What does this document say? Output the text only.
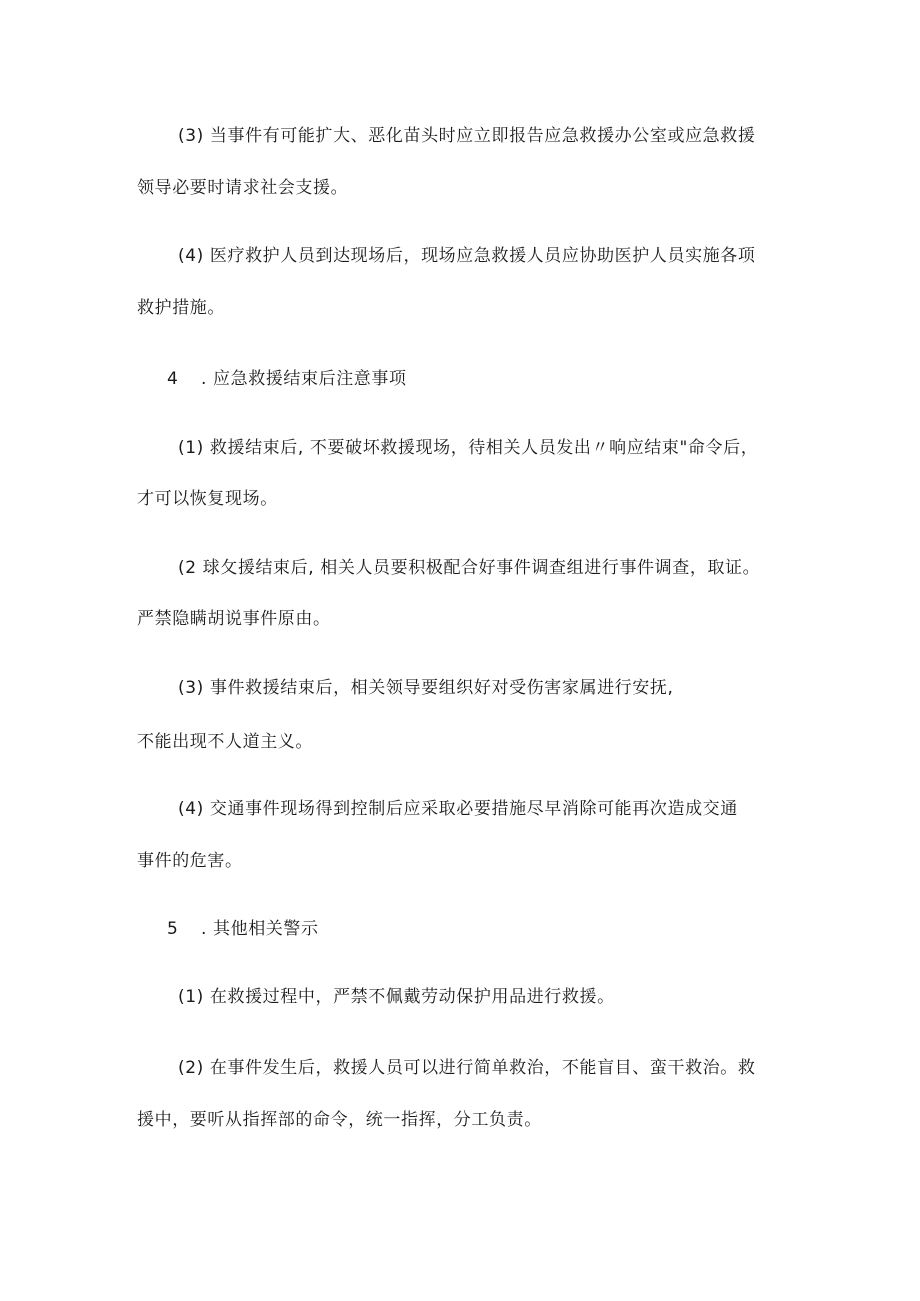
(3) 当事件有可能扩大、恶化苗头时应立即报告应急救援办公室或应急救援
领导必要时请求社会支援。
(4) 医疗救护人员到达现场后，现场应急救援人员应协助医护人员实施各项
救护措施。
4 . 应急救援结束后注意事项
(1) 救援结束后, 不要破坏救援现场，待相关人员发出〃响应结束"命令后，
才可以恢复现场。
(2 球攵援结束后, 相关人员要积极配合好事件调查组进行事件调查，取证。
严禁隐瞒胡说事件原由。
(3) 事件救援结束后，相关领导要组织好对受伤害家属进行安抚,
不能出现不人道主义。
(4) 交通事件现场得到控制后应采取必要措施尽早消除可能再次造成交通
事件的危害。
5 . 其他相关警示
(1) 在救援过程中，严禁不佩戴劳动保护用品进行救援。
(2) 在事件发生后，救援人员可以进行简单救治，不能盲目、蛮干救治。救
援中，要听从指挥部的命令，统一指挥，分工负责。
